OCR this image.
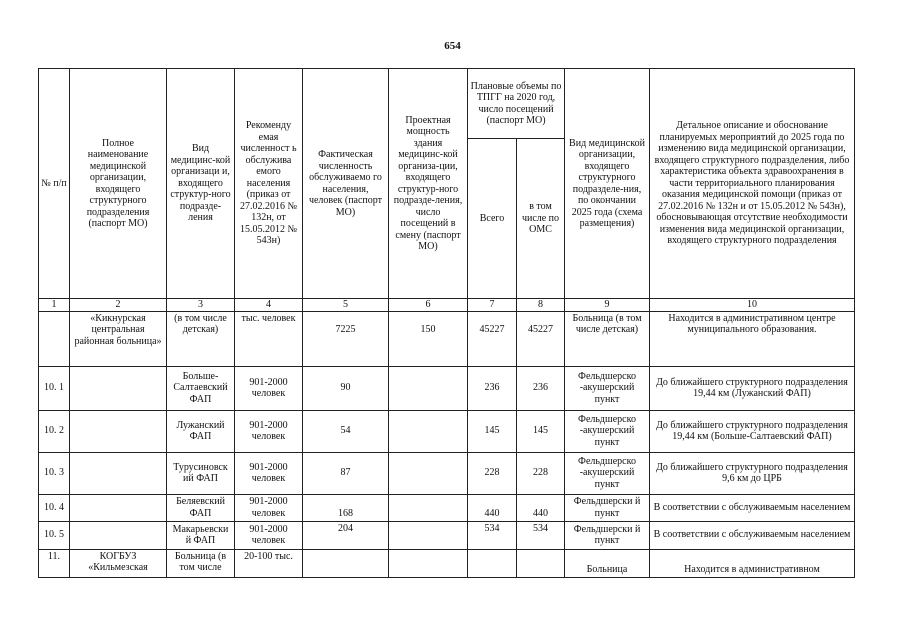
654
№ п/п	Полное наименование медицинской организации, входящего структурного подразделения (паспорт МО)	Вид медицинс-кой организаци и, входящего структур-ного подразде-ления	Рекоменду емая численност ь обслужива емого населения (приказ от 27.02.2016 № 132н, от 15.05.2012 № 543н)	Фактическая численность обслуживаемо го населения, человек (паспорт МО)	Проектная мощность здания медицинс-кой организа-ции, входящего структур-ного подразде-ления, число посещений в смену (паспорт МО)	Плановые объемы по ТПГГ на 2020 год, число посещений (паспорт МО)		Вид медицинской организации, входящего структурного подразделе-ния, по окончании 2025 года (схема размещения)	Детальное описание и обоснование планируемых мероприятий до 2025 года по изменению вида медицинской организации, входящего структурного подразделения, либо характеристика объекта здравоохранения в части территориального планирования оказания медицинской помощи (приказ от 27.02.2016 № 132н и от 15.05.2012 № 543н), обосновывающая отсутствие необходимости изменения вида медицинской организации, входящего структурного подразделения
						Всего	в том числе по ОМС		
1	2	3	4	5	6	7	8	9	10
	«Кикнурская центральная районная больница»	(в том числе детская)	тыс. человек	7225	150	45227	45227	Больница (в том числе детская)	Находится в административном центре муниципального образования.
10. 1		Больше-Салтаевский ФАП	901-2000 человек	90		236	236	Фельдшерско -акушерский пункт	До ближайшего структурного подразделения 19,44 км (Лужанский ФАП)
10. 2		Лужанский ФАП	901-2000 человек	54		145	145	Фельдшерско -акушерский пункт	До ближайшего структурного подразделения 19,44 км (Больше-Салтаевский ФАП)
10. 3		Турусиновск ий ФАП	901-2000 человек	87		228	228	Фельдшерско -акушерский пункт	До ближайшего структурного подразделения 9,6 км до ЦРБ
10. 4		Беляевский ФАП	901-2000 человек	168		440	440	Фельдшерски й пункт	В соответствии с обслуживаемым населением
10. 5		Макарьевски й ФАП	901-2000 человек	204		534	534	Фельдшерски й пункт	В соответствии с обслуживаемым населением
11.	КОГБУЗ «Кильмезская	Больница (в том числе	20-100 тыс.					Больница	Находится в административном
